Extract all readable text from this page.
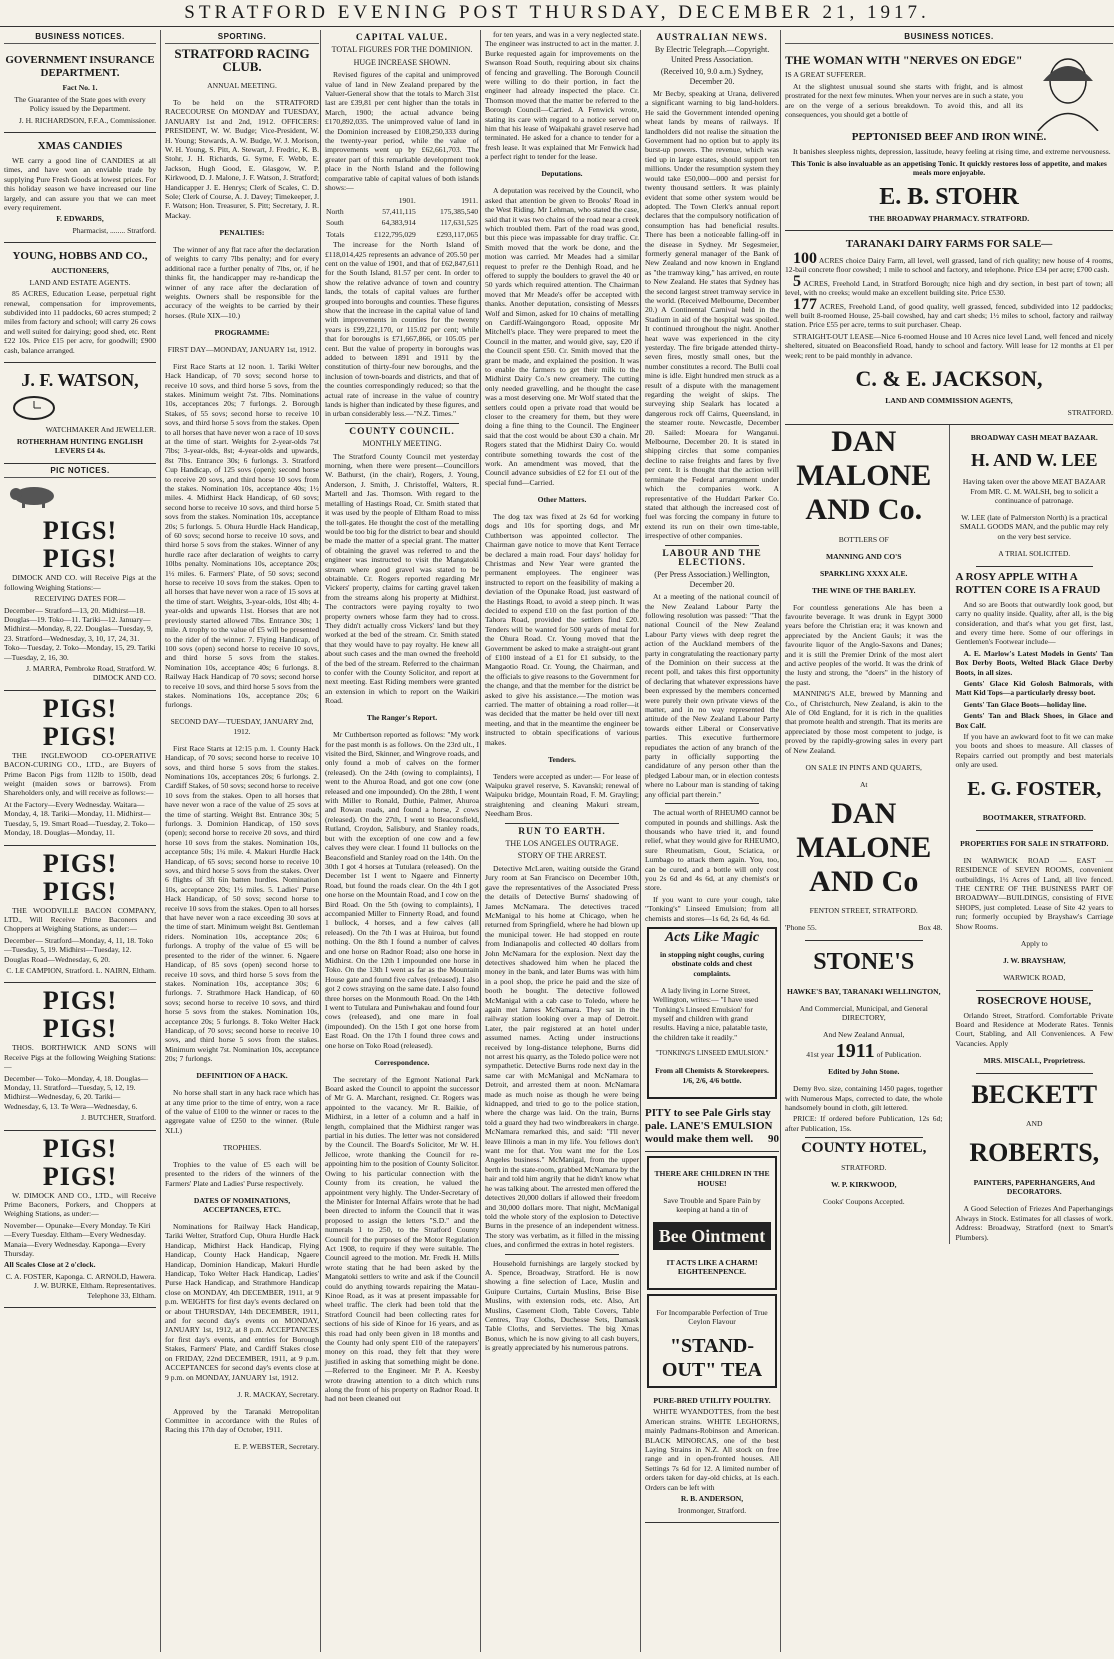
STRATFORD EVENING POST THURSDAY, DECEMBER 21, 1917.
BUSINESS NOTICES.
GOVERNMENT INSURANCE DEPARTMENT.

Fact No. 1.

The Guarantee of the State goes with every Policy issued by the Department.

J. H. RICHARDSON, F.F.A., Commissioner.

XMAS CANDIES

WE carry a good line of CANDIES at all times, and have won an enviable trade by supplying Pure Fresh Goods at lowest prices. For this holiday season we have increased our line largely, and can assure you that we can meet every requirement.

F. EDWARDS,

Pharmacist, ........ Stratford.

YOUNG, HOBBS AND CO.,

AUCTIONEERS,

LAND AND ESTATE AGENTS.

85 ACRES, Education Lease, perpetual right renewal, compensation for improvements, subdivided into 11 paddocks, 60 acres stumped; 2 miles from factory and school; will carry 26 cows and well suited for dairying; good shed, etc. Rent £22 10s. Price £15 per acre, for goodwill; £900 cash, balance arranged.

J. F. WATSON,

WATCHMAKER And JEWELLER.

ROTHERHAM HUNTING ENGLISH LEVERS £4 4s.

PIC NOTICES.
PIGS! PIGS!

DIMOCK AND CO. will Receive Pigs at the following Weighing Stations:—

RECEIVING DATES FOR—

December— Stratford—13, 20. Midhirst—18. Douglas—19. Toko—11. Tariki—12. January— Midhirst—Monday, 8, 22. Douglas—Tuesday, 9, 23. Stratford—Wednesday, 3, 10, 17, 24, 31. Toko—Tuesday, 2. Toko—Monday, 15, 29. Tariki—Tuesday, 2, 16, 30.

J. MARRA, Pembroke Road, Stratford. W. DIMOCK AND CO.

PIGS! PIGS!

THE INGLEWOOD CO-OPERATIVE BACON-CURING CO., LTD., are Buyers of Prime Bacon Pigs from 112lb to 150lb, dead weight (maiden sows or barrows). From Shareholders only, and will receive as follows:—

At the Factory—Every Wednesday. Waitara—Monday, 4, 18. Tariki—Monday, 11. Midhirst—Tuesday, 5, 19. Smart Road—Tuesday, 2. Toko—Monday, 18. Douglas—Monday, 11.

PIGS! PIGS!

THE WOODVILLE BACON COMPANY, LTD., Will Receive Prime Baconers and Choppers at Weighing Stations, as under:—

December— Stratford—Monday, 4, 11, 18. Toko—Tuesday, 5, 19. Midhirst—Tuesday, 12. Douglas Road—Wednesday, 6, 20.

C. LE CAMPION, Stratford. L. NAIRN, Eltham.

PIGS! PIGS!

THOS. BORTHWICK AND SONS will Receive Pigs at the following Weighing Stations:—

December— Toko—Monday, 4, 18. Douglas—Monday, 11. Stratford—Tuesday, 5, 12, 19. Midhirst—Wednesday, 6, 20. Tariki—Wednesday, 6, 13. Te Wera—Wednesday, 6.

J. BUTCHER, Stratford.

PIGS! PIGS!

W. DIMOCK AND CO., LTD., will Receive Prime Baconers, Porkers, and Choppers at Weighing Stations, as under:—

November— Opunake—Every Monday. Te Kiri—Every Tuesday. Eltham—Every Wednesday. Manaia—Every Wednesday. Kaponga—Every Thursday.

All Scales Close at 2 o'clock.

C. A. FOSTER, Kaponga. C. ARNOLD, Hawera. J. W. BURKE, Eltham. Representatives. Telephone 33, Eltham.

SPORTING.
STRATFORD RACING CLUB.

ANNUAL MEETING.

To be held on the STRATFORD RACECOURSE On MONDAY and TUESDAY, JANUARY 1st and 2nd, 1912. OFFICERS: PRESIDENT, W. W. Budge; Vice-President, W. H. Young; Stewards, A. W. Budge, W. J. Morison, W. H. Young, S. Pitt, A. Stewart, J. Fredric, K. B. Stohr, J. H. Richards, G. Syme, F. Webb, E. Jackson, Hugh Good, E. Glasgow, W. P. Kirkwood, D. J. Malone, J. F. Watson, J. Stratford; Handicapper J. E. Henrys; Clerk of Scales, C. D. Sole; Clerk of Course, A. J. Davey; Timekeeper, J. F. Watson; Hon. Treasurer, S. Pitt; Secretary, J. R. Mackay.

PENALTIES:

The winner of any flat race after the declaration of weights to carry 7lbs penalty; and for every additional race a further penalty of 7lbs, or, if he thinks fit, the handicapper may re-handicap the winner of any race after the declaration of weights. Owners shall be responsible for the accuracy of the weights to be carried by their horses. (Rule XIX—10.)

PROGRAMME:

FIRST DAY—MONDAY, JANUARY 1st, 1912.

First Race Starts at 12 noon. 1. Tariki Welter Hack Handicap, of 70 sovs; second horse to receive 10 sovs, and third horse 5 sovs, from the stakes. Minimum weight 7st. 7lbs. Nominations 10s, acceptances 20s; 7 furlongs. 2. Borough Stakes, of 55 sovs; second horse to receive 10 sovs, and third horse 5 sovs from the stakes. Open to all horses that have never won a race of 10 sovs at the time of start. Weights for 2-year-olds 7st 7lbs; 3-year-olds, 8st; 4-year-olds and upwards, 8st 7lbs. Entrance 30s; 6 furlongs. 3. Stratford Cup Handicap, of 125 sovs (open); second horse to receive 20 sovs, and third horse 10 sovs from the stakes. Nomination 10s, acceptance 40s; 1½ miles. 4. Midhirst Hack Handicap, of 60 sovs; second horse to receive 10 sovs, and third horse 5 sovs from the stakes. Nomination 10s, acceptance 20s; 5 furlongs. 5. Ohura Hurdle Hack Handicap, of 60 sovs; second horse to receive 10 sovs, and third horse 5 sovs from the stakes. Winner of any hurdle race after declaration of weights to carry 10lbs penalty. Nominations 10s, acceptance 20s; 1½ miles. 6. Farmers' Plate, of 50 sovs; second horse to receive 10 sovs from the stakes. Open to all horses that have never won a race of 15 sovs at the time of start. Weights, 3-year-olds, 10st 4lb; 4-year-olds and upwards 11st. Horses that are not previously started allowed 7lbs. Entrance 30s; 1 mile. A trophy to the value of £5 will be presented to the rider of the winner. 7. Flying Handicap, of 100 sovs (open) second horse to receive 10 sovs, and third horse 5 sovs from the stakes. Nomination 10s, acceptance 40s; 6 furlongs. 8. Railway Hack Handicap of 70 sovs; second horse to receive 10 sovs, and third horse 5 sovs from the stakes. Nominations 10s, acceptance 20s; 6 furlongs.

SECOND DAY—TUESDAY, JANUARY 2nd, 1912.

First Race Starts at 12:15 p.m. 1. County Hack Handicap, of 70 sovs; second horse to receive 10 sovs, and third horse 5 sovs from the stakes. Nominations 10s, acceptances 20s; 6 furlongs. 2. Cardiff Stakes, of 50 sovs; second horse to receive 10 sovs from the stakes. Open to all horses that have never won a race of the value of 25 sovs at the time of starting. Weight 8st. Entrance 30s; 5 furlongs. 3. Dominion Handicap, of 150 sovs (open); second horse to receive 20 sovs, and third horse 10 sovs from the stakes. Nomination 10s, acceptance 50s; 1¼ mile. 4. Makuri Hurdle Hack Handicap, of 65 sovs; second horse to receive 10 sovs, and third horse 5 sovs from the stakes. Over 6 flights of 3ft 6in batten hurdles. Nomination 10s, acceptance 20s; 1½ miles. 5. Ladies' Purse Hack Handicap, of 50 sovs; second horse to receive 10 sovs from the stakes. Open to all horses that have never won a race exceeding 30 sovs at the time of start. Minimum weight 8st. Gentleman riders. Nomination 10s, acceptance 20s; 6 furlongs. A trophy of the value of £5 will be presented to the rider of the winner. 6. Ngaere Handicap, of 85 sovs (open) second horse to receive 10 sovs, and third horse 5 sovs from the stakes. Nomination 10s, acceptance 30s; 6 furlongs. 7. Strathmore Hack Handicap, of 60 sovs; second horse to receive 10 sovs, and third horse 5 sovs from the stakes. Nomination 10s, acceptance 20s; 5 furlongs. 8. Toko Welter Hack Handicap, of 70 sovs; second horse to receive 10 sovs, and third horse 5 sovs from the stakes. Minimum weight 7st. Nomination 10s, acceptance 20s; 7 furlongs.

DEFINITION OF A HACK.

No horse shall start in any hack race which has at any time prior to the time of entry, won a race of the value of £100 to the winner or races to the aggregate value of £250 to the winner. (Rule XLI.)

TROPHIES.

Trophies to the value of £5 each will be presented to the riders of the winners of the Farmers' Plate and Ladies' Purse respectively.

DATES OF NOMINATIONS, ACCEPTANCES, ETC.

Nominations for Railway Hack Handicap, Tariki Welter, Stratford Cup, Ohura Hurdle Hack Handicap, Midhirst Hack Handicap, Flying Handicap, County Hack Handicap, Ngaere Handicap, Dominion Handicap, Makuri Hurdle Handicap, Toko Welter Hack Handicap, Ladies' Purse Hack Handicap, and Strathmore Handicap close on MONDAY, 4th DECEMBER, 1911, at 9 p.m. WEIGHTS for first day's events declared on or about THURSDAY, 14th DECEMBER, 1911, and for second day's events on MONDAY, JANUARY 1st, 1912, at 8 p.m. ACCEPTANCES for first day's events, and entries for Borough Stakes, Farmers' Plate, and Cardiff Stakes close on FRIDAY, 22nd DECEMBER, 1911, at 9 p.m. ACCEPTANCES for second day's events close at 9 p.m. on MONDAY, JANUARY 1st, 1912.

J. R. MACKAY, Secretary.

Approved by the Taranaki Metropolitan Committee in accordance with the Rules of Racing this 17th day of October, 1911.

E. P. WEBSTER, Secretary.

CAPITAL VALUE.
TOTAL FIGURES FOR THE DOMINION.
HUGE INCREASE SHOWN.

Revised figures of the capital and unimproved value of land in New Zealand prepared by the Valuer-General show that the totals to March 31st last are £39,81 per cent higher than the totals in March, 1900; the actual advance being £170,892,035. The unimproved value of land in the Dominion increased by £108,250,333 during the twenty-year period, while the value of improvements went up by £62,661,703. The greater part of this remarkable development took place in the North Island and the following comparative table of capital values of both islands shows:—

	1901.	1911.
North	57,411,115	175,385,540
South	64,383,914	117,631,525
Totals	£122,795,029	£293,117,065

The increase for the North Island of £118,014,425 represents an advance of 205.50 per cent on the value of 1901, and that of £62,847,611 for the South Island, 81.57 per cent. In order to show the relative advance of town and country lands, the totals of capital values are further grouped into boroughs and counties. These figures show that the increase in the capital value of land with improvements in counties for the twenty years is £99,221,170, or 115.02 per cent; while that for boroughs is £71,667,866, or 105.05 per cent. But the value of property in boroughs was added to between 1891 and 1911 by the constitution of thirty-four new boroughs, and the inclusion of town-boards and districts, and that of the counties correspondingly reduced; so that the actual rate of increase in the value of country lands is higher than indicated by these figures, and in urban considerably less.—"N.Z. Times."

COUNTY COUNCIL.
MONTHLY MEETING.

The Stratford County Council met yesterday morning, when there were present—Councillors W. Bathurst, (in the chair), Rogers, J. Young, Anderson, J. Smith, J. Christoffel, Walters, R. Martell and Jas. Thomson. With regard to the metalling of Hastings Road, Cr. Smith stated that it was used by the people of Eltham Road to miss the toll-gates. He thought the cost of the metalling would be too big for the district to bear and should be made the matter of a special grant. The matter of obtaining the gravel was referred to and the engineer was instructed to visit the Mangatoki stream where good gravel was stated to be obtainable. Cr. Rogers reported regarding Mr Vickers' property, claims for carting gravel taken from the streams along his property at Midhirst. The contractors were paying royalty to two property owners whose farm they had to cross. They didn't actually cross Vickers' land but they worked at the bed of the stream. Cr. Smith stated that they would have to pay royalty. He knew all about such cases and the man owned the freehold of the bed of the stream. Referred to the chairman to confer with the County Solicitor, and report at next meeting. East Riding members were granted an extension in which to report on the Waikiri Road.

The Ranger's Report.

Mr Cuthbertson reported as follows: "My work for the past month is as follows. On the 23rd ult., I visited the Bird, Skinner, and Wingrove roads, and only found a mob of calves on the former (released). On the 24th (owing to complaints), I went to the Ahuroa Road, and got one cow (one released and one impounded). On the 28th, I went with Miller to Ronald, Duthie, Palmer, Ahuroa and Rowan roads, and found a horse, 2 cows (released). On the 27th, I went to Beaconsfield, Rutland, Croydon, Salisbury, and Stanley roads, but with the exception of one cow and a few calves they were clear. I found 11 bullocks on the Beaconsfield and Stanley road on the 14th. On the 30th I got 4 horses at Tutulara (released). On the December 1st I went to Ngaere and Finnerty Road, but found the roads clear. On the 4th I got one horse on the Mountain Road, and I cow on the Bird Road. On the 5th (owing to complaints), I accompanied Miller to Finnerty Road, and found 1 bullock, 4 horses, and a few calves (all released). On the 7th I was at Huiroa, but found nothing. On the 8th I found a number of calves and one horse on Radnor Road; also one horse in Midhirst. On the 12th I impounded one horse in Toko. On the 13th I went as far as the Mountain House gate and found five calves (released). I also got 2 cows straying on the same date. I also found three horses on the Monmouth Road. On the 14th I went to Tutulara and Puniwhakau and found four cows (released), and one mare in foal (impounded). On the 15th I got one horse from East Road. On the 17th I found three cows and one horse on Toko Road (released).

Correspondence.

The secretary of the Egmont National Park Board asked the Council to appoint the successor of Mr G. A. Marchant, resigned. Cr. Rogers was appointed to the vacancy. Mr R. Baikie, of Midhirst, in a letter of a column and a half in length, complained that the Midhirst ranger was partial in his duties. The letter was not considered by the Council. The Board's Solicitor, Mr W. H. Jellicoe, wrote thanking the Council for re-appointing him to the position of County Solicitor. Owing to his particular connection with the County from its creation, he valued the appointment very highly. The Under-Secretary of the Minister for Internal Affairs wrote that he had been directed to inform the Council that it was proposed to assign the letters "S.D." and the numerals 1 to 250, to the Stratford County Council for the purposes of the Motor Regulation Act 1908, to require if they were suitable. The Council agreed to the motion. Mr. Fredk H. Mills wrote stating that he had been asked by the Mangatoki settlers to write and ask if the Council could do anything towards repairing the Matau-Kinoe Road, as it was at present impassable for wheel traffic. The clerk had been told that the Stratford Council had been collecting rates for sections of his side of Kinoe for 16 years, and as this road had only been given in 18 months and the County had only spent £10 of the ratepayers' money on this road, they felt that they were justified in asking that something might be done.—Referred to the Engineer. Mr P. A. Keesby wrote drawing attention to a ditch which runs along the front of his property on Radnor Road. It had not been cleaned out

for ten years, and was in a very neglected state. The engineer was instructed to act in the matter. J. Burke requested again for improvements on the Swanson Road South, requiring about six chains of fencing and gravelling. The Borough Council were willing to do their portion, in fact the engineer had already inspected the place. Cr. Thomson moved that the matter be referred to the Borough Council—Carried. A Fenwick wrote, stating its care with regard to a notice served on him that his lease of Waipakahi gravel reserve had terminated. He asked for a chance to tender for a fresh lease. It was explained that Mr Fenwick had a perfect right to tender for the lease.

Deputations.

A deputation was received by the Council, who asked that attention be given to Brooks' Road in the West Riding. Mr Lehman, who stated the case, said that it was two chains of the road near a creek which troubled them. Part of the road was good, but this piece was impassable for dray traffic. Cr. Smith moved that the work be done, and the motion was carried. Mr Meades had a similar request to prefer re the Denhigh Road, and he offered to supply the boulders to gravel the 40 or 50 yards which required attention. The Chairman moved that Mr Meade's offer be accepted with thanks. Another deputation, consisting of Messrs Wolf and Simon, asked for 10 chains of metalling on Cardiff-Waingongoro Road, opposite Mr Mitchell's place. They were prepared to meet the Council in the matter, and would give, say, £20 if the Council spent £50. Cr. Smith moved that the grant be made, and explained the position. It was to enable the farmers to get their milk to the Midhirst Dairy Co.'s new creamery. The cutting only needed gravelling, and he thought the case was a most deserving one. Mr Wolf stated that the settlers could open a private road that would be closer to the creamery for them, but they were doing a fine thing to the Council. The Engineer said that the cost would be about £30 a chain. Mr Rogers stated that the Midhirst Dairy Co. would contribute something towards the cost of the work. An amendment was moved, that the Council advance subsidies of £2 for £1 out of the special fund—Carried.

Other Matters.

The dog tax was fixed at 2s 6d for working dogs and 10s for sporting dogs, and Mr Cuthbertson was appointed collector. The Chairman gave notice to move that Kent Terrace be declared a main road. Four days' holiday for Christmas and New Year were granted the permanent employees. The engineer was instructed to report on the feasibility of making a deviation of the Opunake Road, just eastward of the Hastings Road, to avoid a steep pinch. It was decided to expend £10 on the fast portion of the Tahora Road, provided the settlers find £20. Tenders will be wanted for 500 yards of metal for the Ohura Road. Cr. Young moved that the Government be asked to make a straight-out grant of £100 instead of a £1 for £1 subsidy, to the Mangaotio Road. Cr. Young, the Chairman, and the officials to give reasons to the Government for the change, and that the member for the district be asked to give his assistance.—The motion was carried. The matter of obtaining a road roller—it was decided that the matter be held over till next meeting, and that in the meantime the engineer be instructed to obtain specifications of various makes.

Tenders.

Tenders were accepted as under:— For lease of Waipuku gravel reserve, S. Kavanski; renewal of Waipuku bridge, Mountain Road, F. M. Grayling; straightening and cleaning Makuri stream, Needham Bros.

RUN TO EARTH.
THE LOS ANGELES OUTRAGE.
STORY OF THE ARREST.

Detective McLaren, waiting outside the Grand Jury room at San Francisco on December 10th, gave the representatives of the Associated Press the details of Detective Burns' shadowing of James McNamara. The detectives traced McManigal to his home at Chicago, when he returned from Springfield, where he had blown up the municipal tower. He had stopped en route from Indianapolis and collected 40 dollars from John McNamara for the explosion. Next day the detectives shadowed him when he placed the money in the bank, and later Burns was with him in a pool shop, the price he paid and the size of booth he bought. The detective followed McManigal with a cab case to Toledo, where he again met James McNamara. They sat in the railway station looking over a map of Detroit. Later, the pair registered at an hotel under assumed names. Acting under instructions received by long-distance telephone, Burns did not arrest his quarry, as the Toledo police were not sympathetic. Detective Burns rode next day in the same car with McManigal and McNamara to Detroit, and arrested them at noon. McNamara made as much noise as though he were being kidnapped, and tried to go to the police station, where the charge was laid. On the train, Burns told a guard they had two windbreakers in charge. McNamara remarked this, and said: "I'll never leave Illinois a man in my life. You fellows don't want me for that. You want me for the Los Angeles business." McManigal, from the upper berth in the state-room, grabbed McNamara by the hair and told him angrily that he didn't know what he was talking about. The arrested men offered the detectives 20,000 dollars if allowed their freedom and 30,000 dollars more. That night, McManigal told the whole story of the explosion to Detective Burns in the presence of an independent witness. The story was verbatim, as it filled in the missing clues, and confirmed the extras in hotel registers.

Household furnishings are largely stocked by A. Spence, Broadway, Stratford. He is now showing a fine selection of Lace, Muslin and Guipure Curtains, Curtain Muslins, Brise Bise Muslins, with extension rods, etc. Also, Art Muslins, Casement Cloth, Table Covers, Table Centres, Tray Cloths, Duchesse Sets, Damask Table Cloths, and Serviettes. The big Xmas Bonus, which he is now giving to all cash buyers, is greatly appreciated by his numerous patrons.

AUSTRALIAN NEWS.
By Electric Telegraph.—Copyright. United Press Association.
(Received 10, 9.0 a.m.) Sydney, December 20.

Mr Becby, speaking at Urana, delivered a significant warning to big land-holders. He said the Government intended opening wheat lands by means of railways. If landholders did not realise the situation the Government had no option but to apply its burst-up powers. The revenue, which was tied up in large estates, should support ten millions. Under the resumption system they would take £50,000—000 and persist for twenty thousand settlers. It was plainly evident that some other system would be adopted. The Town Clerk's annual report declares that the compulsory notification of consumption has had beneficial results. There has been a noticeable falling-off in the disease in Sydney. Mr Segesmeier, formerly general manager of the Bank of New Zealand and now known in England as "the tramway king," has arrived, en route to New Zealand. He states that Sydney has the second largest street tramway service in the world. (Received Melbourne, December 20.) A Continental Carnival held in the Stadium in aid of the hospital was spoiled. It continued throughout the night. Another heat wave was experienced in the city yesterday. The fire brigade attended thirty-seven fires, mostly small ones, but the number constitutes a record. The Bulli coal mine is idle. Eight hundred men struck as a result of a dispute with the management regarding the weight of skips. The surveying ship Sealark has located a dangerous rock off Cairns, Queensland, in the steamer route. Newcastle, December 20. Sailed: Moeara for Wanganui. Melbourne, December 20. It is stated in shipping circles that some companies decline to raise freights and fares by five per cent. It is thought that the action will terminate the Federal arrangement under which the companies work. A representative of the Huddart Parker Co. stated that although the increased cost of fuel was forcing the company in future to extend its run on their own time-table, irrespective of other companies.

LABOUR AND THE ELECTIONS.
(Per Press Association.) Wellington, December 20.

At a meeting of the national council of the New Zealand Labour Party the following resolution was passed: "That the national Council of the New Zealand Labour Party views with deep regret the action of the Auckland members of the party in congratulating the reactionary party of the Dominion on their success at the recent poll, and takes this first opportunity of declaring that whatever expressions have been expressed by the members concerned were purely their own private views of the matter, and in no way represented the attitude of the New Zealand Labour Party towards either Liberal or Conservative parties. This executive furthermore repudiates the action of any branch of the party in officially supporting the candidature of any person other than the pledged Labour man, or in election contests where no Labour man is standing of taking any official part therein."

The actual worth of RHEUMO cannot be computed in pounds and shillings. Ask the thousands who have tried it, and found relief, what they would give for RHEUMO, sure Rheumatism, Gout, Sciatica, or Lumbago to attack them again. You, too, can be cured, and a bottle will only cost you 2s 6d and 4s 6d, at any chemist's or store.

If you want to cure your cough, take "Tonking's" Linseed Emulsion; from all chemists and stores—1s 6d, 2s 6d, 4s 6d.

Acts Like Magic

in stopping night coughs, curing obstinate colds and chest complaints.

A lady living in Lorne Street, Wellington, writes:— "I have used 'Tonking's Linseed Emulsion' for myself and children with grand results. Having a nice, palatable taste, the children take it readily."

"TONKING'S LINSEED EMULSION."

From all Chemists & Storekeepers. 1/6, 2/6, 4/6 bottle.

PITY to see Pale Girls stay pale. LANE'S EMULSION would make them well. 90

THERE ARE CHILDREN IN THE HOUSE!

Save Trouble and Spare Pain by keeping at hand a tin of

Bee Ointment

IT ACTS LIKE A CHARM! EIGHTEENPENCE.

For Incomparable Perfection of True Ceylon Flavour

"STAND-OUT" TEA

PURE-BRED UTILITY POULTRY.

WHITE WYANDOTTES, from the best American strains. WHITE LEGHORNS, mainly Padmans-Robinson and American. BLACK MINORCAS, one of the best Laying Strains in N.Z. All stock on free range and in open-fronted houses. All Settings 7s 6d for 12. A limited number of orders taken for day-old chicks, at 1s each. Orders can be left with

R. B. ANDERSON,

Ironmonger, Stratford.

BUSINESS NOTICES.
THE WOMAN WITH "NERVES ON EDGE"

IS A GREAT SUFFERER.

At the slightest unusual sound she starts with fright, and is almost prostrated for the next few minutes. When your nerves are in such a state, you are on the verge of a serious breakdown. To avoid this, and all its consequences, you should get a bottle of

PEPTONISED BEEF AND IRON WINE.

It banishes sleepless nights, depression, lassitude, heavy feeling at rising time, and extreme nervousness.

This Tonic is also invaluable as an appetising Tonic. It quickly restores loss of appetite, and makes meals more enjoyable.

E. B. STOHR

THE BROADWAY PHARMACY. STRATFORD.

TARANAKI DAIRY FARMS FOR SALE—

100 ACRES choice Dairy Farm, all level, well grassed, land of rich quality; new house of 4 rooms, 12-bail concrete floor cowshed; 1 mile to school and factory, and telephone. Price £34 per acre; £700 cash.

5 ACRES, Freehold Land, in Stratford Borough; nice high and dry section, in best part of town; all level, with no creeks; would make an excellent building site. Price £530.

177 ACRES, Freehold Land, of good quality, well grassed, fenced, subdivided into 12 paddocks; well built 8-roomed House, 25-bail cowshed, hay and cart sheds; 1½ miles to school, factory and railway station. Price £55 per acre, terms to suit purchaser. Cheap.

STRAIGHT-OUT LEASE—Nice 6-roomed House and 10 Acres nice level Land, well fenced and nicely sheltered, situated on Beaconsfield Road, handy to school and factory. Will lease for 12 months at £1 per week; rent to be paid monthly in advance.

C. & E. JACKSON,

LAND AND COMMISSION AGENTS,

STRATFORD.

DAN
MALONE
AND Co.

BOTTLERS OF

MANNING AND CO'S

SPARKLING XXXX ALE.

THE WINE OF THE BARLEY.

For countless generations Ale has been a favourite beverage. It was drunk in Egypt 3000 years before the Christian era; it was known and appreciated by the Ancient Gauls; it was the favourite liquor of the Anglo-Saxons and Danes; and it is still the Premier Drink of the most alert and active peoples of the world. It was the drink of the lusty and strong, the "doers" in the history of the past.

MANNING'S ALE, brewed by Manning and Co., of Christchurch, New Zealand, is akin to the Ale of Old England, for it is rich in the qualities that promote health and strength. That its merits are appreciated by those most competent to judge, is proved by the rapidly-growing sales in every part of New Zealand.

ON SALE IN PINTS AND QUARTS,

At

DAN
MALONE
AND Co

FENTON STREET, STRATFORD.

'Phone 55.	Box 48.

STONE'S

HAWKE'S BAY, TARANAKI WELLINGTON,

And Commercial, Municipal, and General DIRECTORY,

And New Zealand Annual,

41st year 1911 of Publication.

Edited by John Stone.

Demy 8vo. size, containing 1450 pages, together with Numerous Maps, corrected to date, the whole handsomely bound in cloth, gilt lettered.

PRICE: If ordered before Publication, 12s 6d; after Publication, 15s.

COUNTY HOTEL,

STRATFORD.

W. P. KIRKWOOD,

Cooks' Coupons Accepted.

BROADWAY CASH MEAT BAZAAR.

H. AND W. LEE

Having taken over the above MEAT BAZAAR From MR. C. M. WALSH, beg to solicit a continuance of patronage.

W. LEE (late of Palmerston North) is a practical SMALL GOODS MAN, and the public may rely on the very best service.

A TRIAL SOLICITED.

A ROSY APPLE WITH A ROTTEN CORE IS A FRAUD

And so are Boots that outwardly look good, but carry no quality inside. Quality, after all, is the big consideration, and that's what you get first, last, and every time here. Some of our offerings in Gentlemen's Footwear include—

A. E. Marlow's Latest Models in Gents' Tan Box Derby Boots, Welted Black Glace Derby Boots, in all sizes.

Gents' Glace Kid Golosh Balmorals, with Matt Kid Tops—a particularly dressy boot.

Gents' Tan Glace Boots—holiday line.

Gents' Tan and Black Shoes, in Glace and Box Calf.

If you have an awkward foot to fit we can make you boots and shoes to measure. All classes of Repairs carried out promptly and best materials only are used.

E. G. FOSTER,

BOOTMAKER, STRATFORD.

PROPERTIES FOR SALE IN STRATFORD.

IN WARWICK ROAD — EAST — RESIDENCE of SEVEN ROOMS, convenient outbuildings, 1½ Acres of Land, all live fenced. THE CENTRE OF THE BUSINESS PART OF BROADWAY—BUILDINGS, consisting of FIVE SHOPS, just completed. Lease of Site 42 years to run; formerly occupied by Brayshaw's Carriage Show Rooms.

Apply to

J. W. BRAYSHAW,

WARWICK ROAD,

ROSECROVE HOUSE,

Orlando Street, Stratford. Comfortable Private Board and Residence at Moderate Rates. Tennis Court, Stabling, and All Conveniences. A Few Vacancies. Apply

MRS. MISCALL, Proprietress.

BECKETT

AND

ROBERTS,

PAINTERS, PAPERHANGERS, And DECORATORS.

A Good Selection of Friezes And Paperhangings Always in Stock. Estimates for all classes of work. Address: Broadway, Stratford (next to Smart's Plumbers).
